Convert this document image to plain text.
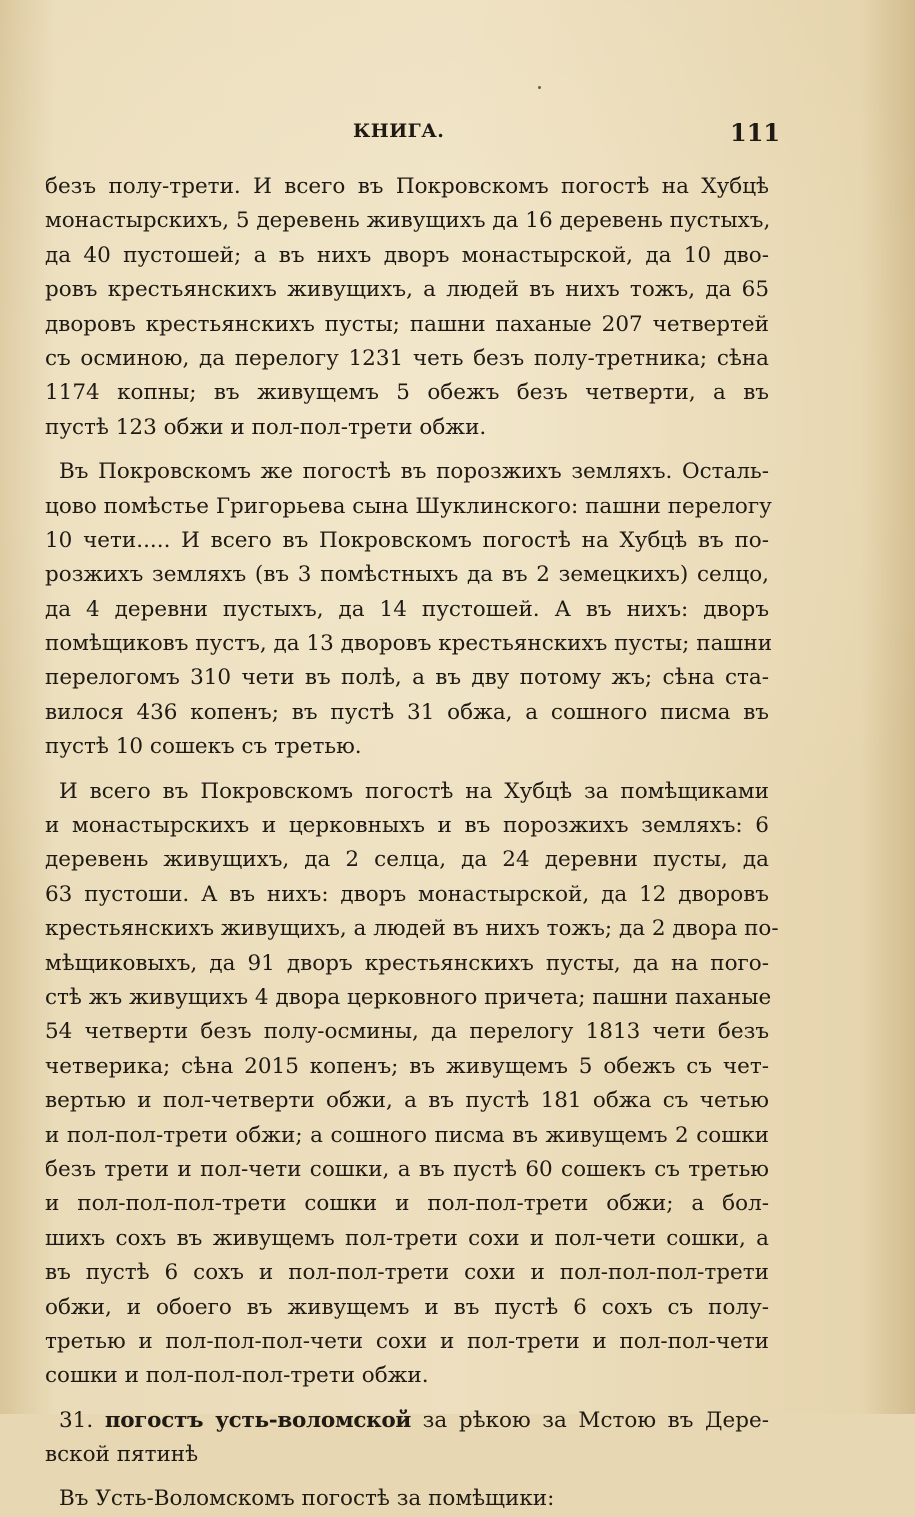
КНИГА.	111
безъ полу-трети. И всего въ Покровскомъ погостѣ на Хубцѣ
монастырскихъ, 5 деревень живущихъ да 16 деревень пустыхъ,
да 40 пустошей; а въ нихъ дворъ монастырской, да 10 дво-
ровъ крестьянскихъ живущихъ, а людей въ нихъ тожъ, да 65
дворовъ крестьянскихъ пусты; пашни паханые 207 четвертей
съ осминою, да перелогу 1231 четь безъ полу-третника; сѣна
1174 копны; въ живущемъ 5 обежъ безъ четверти, а въ
пустѣ 123 обжи и пол-пол-трети обжи.
Въ Покровскомъ же погостѣ въ порозжихъ земляхъ. Осталь-
цово помѣстье Григорьева сына Шуклинского: пашни перелогу
10 чети..... И всего въ Покровскомъ погостѣ на Хубцѣ въ по-
розжихъ земляхъ (въ 3 помѣстныхъ да въ 2 земецкихъ) селцо,
да 4 деревни пустыхъ, да 14 пустошей. А въ нихъ: дворъ
помѣщиковъ пустъ, да 13 дворовъ крестьянскихъ пусты; пашни
перелогомъ 310 чети въ полѣ, а въ дву потому жъ; сѣна ста-
вилося 436 копенъ; въ пустѣ 31 обжа, а сошного писма въ
пустѣ 10 сошекъ съ третью.
И всего въ Покровскомъ погостѣ на Хубцѣ за помѣщиками
и монастырскихъ и церковныхъ и въ порозжихъ земляхъ: 6
деревень живущихъ, да 2 селца, да 24 деревни пусты, да
63 пустоши. А въ нихъ: дворъ монастырской, да 12 дворовъ
крестьянскихъ живущихъ, а людей въ нихъ тожъ; да 2 двора по-
мѣщиковыхъ, да 91 дворъ крестьянскихъ пусты, да на пого-
стѣ жъ живущихъ 4 двора церковного причета; пашни паханые
54 четверти безъ полу-осмины, да перелогу 1813 чети безъ
четверика; сѣна 2015 копенъ; въ живущемъ 5 обежъ съ чет-
вертью и пол-четверти обжи, а въ пустѣ 181 обжа съ четью
и пол-пол-трети обжи; а сошного писма въ живущемъ 2 сошки
безъ трети и пол-чети сошки, а въ пустѣ 60 сошекъ съ третью
и пол-пол-пол-трети сошки и пол-пол-трети обжи; а бол-
шихъ сохъ въ живущемъ пол-трети сохи и пол-чети сошки, а
въ пустѣ 6 сохъ и пол-пол-трети сохи и пол-пол-пол-трети
обжи, и обоего въ живущемъ и въ пустѣ 6 сохъ съ полу-
третью и пол-пол-пол-чети сохи и пол-трети и пол-пол-чети
сошки и пол-пол-пол-трети обжи.
31. погостъ усть-воломской за рѣкою за Мстою въ Дере-
вской пятинѣ
Въ Усть-Воломскомъ погостѣ за помѣщики:
